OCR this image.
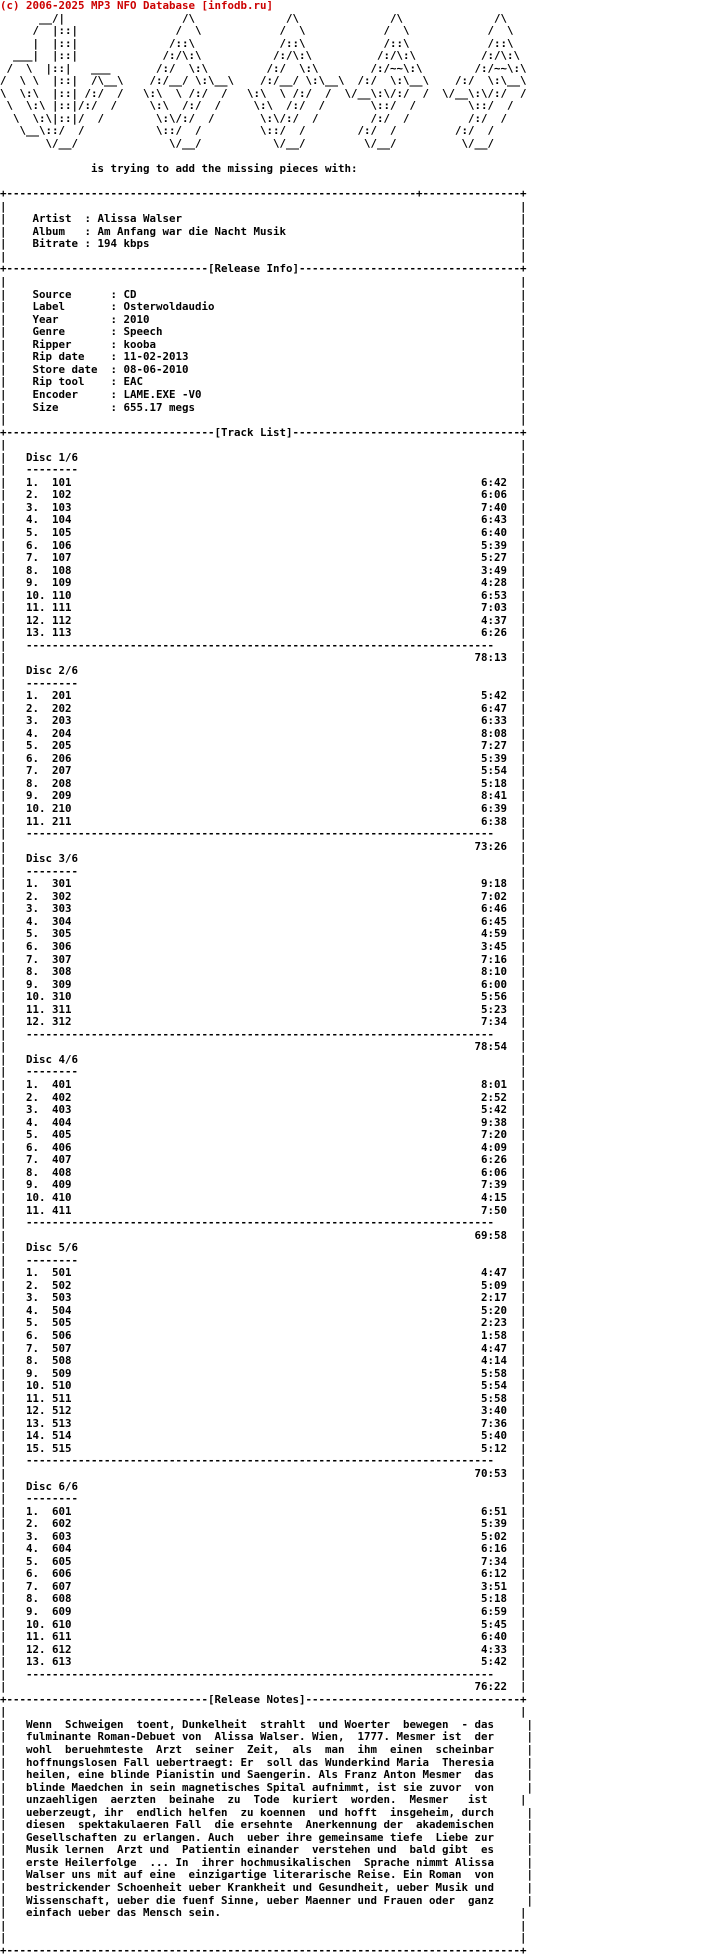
(c) 2006-2025 MP3 NFO Database [infodb.ru]
__/|                  /\              /\              /\              /\
/  |::|               /  \            /  \            /  \            /  \
|  |::|              /::\             /::\            /::\            /::\
___|  |::|             /:/\:\           /:/\:\          /:/\:\          /:/\:\
/  \  |::|   ___       /:/  \:\         /:/  \:\        /:/~~\:\        /:/~~\:\
/  \ \  |::|  /\__\    /:/__/ \:\__\    /:/__/ \:\__\  /:/  \:\__\    /:/  \:\__\
\  \:\  |::| /:/  /   \:\  \ /:/  /   \:\  \ /:/  /  \/__\:\/:/  /  \/__\:\/:/  /
\  \:\ |::|/:/  /     \:\  /:/  /     \:\  /:/  /       \::/  /        \::/  /
\  \:\|::|/  /        \:\/:/  /       \:\/:/  /        /:/  /         /:/  /
\__\::/  /           \::/  /         \::/  /        /:/  /         /:/  /
\/__/              \/__/           \/__/         \/__/          \/__/

is trying to add the missing pieces with:

+---------------------------------------------------------------+---------------+
|                                                                               |
|    Artist  : Alissa Walser                                                    |
|    Album   : Am Anfang war die Nacht Musik                                    |
|    Bitrate : 194 kbps                                                         |
|                                                                               |
+-------------------------------[Release Info]----------------------------------+
|                                                                               |
|    Source      : CD                                                           |
|    Label       : Osterwoldaudio                                               |
|    Year        : 2010                                                         |
|    Genre       : Speech                                                       |
|    Ripper      : kooba                                                        |
|    Rip date    : 11-02-2013                                                   |
|    Store date  : 08-06-2010                                                   |
|    Rip tool    : EAC                                                          |
|    Encoder     : LAME.EXE -V0                                                 |
|    Size        : 655.17 megs                                                  |
|                                                                               |
+--------------------------------[Track List]-----------------------------------+
|                                                                               |
|   Disc 1/6                                                                    |
|   --------                                                                    |
|   1.  101                                                               6:42  |
|   2.  102                                                               6:06  |
|   3.  103                                                               7:40  |
|   4.  104                                                               6:43  |
|   5.  105                                                               6:40  |
|   6.  106                                                               5:39  |
|   7.  107                                                               5:27  |
|   8.  108                                                               3:49  |
|   9.  109                                                               4:28  |
|   10. 110                                                               6:53  |
|   11. 111                                                               7:03  |
|   12. 112                                                               4:37  |
|   13. 113                                                               6:26  |
|   ------------------------------------------------------------------------    |
|                                                                        78:13  |
|   Disc 2/6                                                                    |
|   --------                                                                    |
|   1.  201                                                               5:42  |
|   2.  202                                                               6:47  |
|   3.  203                                                               6:33  |
|   4.  204                                                               8:08  |
|   5.  205                                                               7:27  |
|   6.  206                                                               5:39  |
|   7.  207                                                               5:54  |
|   8.  208                                                               5:18  |
|   9.  209                                                               8:41  |
|   10. 210                                                               6:39  |
|   11. 211                                                               6:38  |
|   ------------------------------------------------------------------------    |
|                                                                        73:26  |
|   Disc 3/6                                                                    |
|   --------                                                                    |
|   1.  301                                                               9:18  |
|   2.  302                                                               7:02  |
|   3.  303                                                               6:46  |
|   4.  304                                                               6:45  |
|   5.  305                                                               4:59  |
|   6.  306                                                               3:45  |
|   7.  307                                                               7:16  |
|   8.  308                                                               8:10  |
|   9.  309                                                               6:00  |
|   10. 310                                                               5:56  |
|   11. 311                                                               5:23  |
|   12. 312                                                               7:34  |
|   ------------------------------------------------------------------------    |
|                                                                        78:54  |
|   Disc 4/6                                                                    |
|   --------                                                                    |
|   1.  401                                                               8:01  |
|   2.  402                                                               2:52  |
|   3.  403                                                               5:42  |
|   4.  404                                                               9:38  |
|   5.  405                                                               7:20  |
|   6.  406                                                               4:09  |
|   7.  407                                                               6:26  |
|   8.  408                                                               6:06  |
|   9.  409                                                               7:39  |
|   10. 410                                                               4:15  |
|   11. 411                                                               7:50  |
|   ------------------------------------------------------------------------    |
|                                                                        69:58  |
|   Disc 5/6                                                                    |
|   --------                                                                    |
|   1.  501                                                               4:47  |
|   2.  502                                                               5:09  |
|   3.  503                                                               2:17  |
|   4.  504                                                               5:20  |
|   5.  505                                                               2:23  |
|   6.  506                                                               1:58  |
|   7.  507                                                               4:47  |
|   8.  508                                                               4:14  |
|   9.  509                                                               5:58  |
|   10. 510                                                               5:54  |
|   11. 511                                                               5:58  |
|   12. 512                                                               3:40  |
|   13. 513                                                               7:36  |
|   14. 514                                                               5:40  |
|   15. 515                                                               5:12  |
|   ------------------------------------------------------------------------    |
|                                                                        70:53  |
|   Disc 6/6                                                                    |
|   --------                                                                    |
|   1.  601                                                               6:51  |
|   2.  602                                                               5:39  |
|   3.  603                                                               5:02  |
|   4.  604                                                               6:16  |
|   5.  605                                                               7:34  |
|   6.  606                                                               6:12  |
|   7.  607                                                               3:51  |
|   8.  608                                                               5:18  |
|   9.  609                                                               6:59  |
|   10. 610                                                               5:45  |
|   11. 611                                                               6:40  |
|   12. 612                                                               4:33  |
|   13. 613                                                               5:42  |
|   ------------------------------------------------------------------------    |
|                                                                        76:22  |
+-------------------------------[Release Notes]---------------------------------+
|                                                                               |
|   Wenn  Schweigen  toent, Dunkelheit  strahlt  und Woerter  bewegen  - das     |
|   fulminante Roman-Debuet von  Alissa Walser. Wien,  1777. Mesmer ist  der     |
|   wohl  beruehmteste  Arzt  seiner  Zeit,  als  man  ihm  einen  scheinbar     |
|   hoffnungslosen Fall uebertraegt: Er  soll das Wunderkind Maria  Theresia     |
|   heilen, eine blinde Pianistin und Saengerin. Als Franz Anton Mesmer  das     |
|   blinde Maedchen in sein magnetisches Spital aufnimmt, ist sie zuvor  von     |
|   unzaehligen  aerzten  beinahe  zu  Tode  kuriert  worden.  Mesmer   ist     |
|   ueberzeugt, ihr  endlich helfen  zu koennen  und hofft  insgeheim, durch     |
|   diesen  spektakulaeren Fall  die ersehnte  Anerkennung der  akademischen     |
|   Gesellschaften zu erlangen. Auch  ueber ihre gemeinsame tiefe  Liebe zur     |
|   Musik lernen  Arzt und  Patientin einander  verstehen und  bald gibt  es     |
|   erste Heilerfolge  ... In  ihrer hochmusikalischen  Sprache nimmt Alissa     |
|   Walser uns mit auf eine  einzigartige literarische Reise. Ein Roman  von     |
|   bestrickender Schoenheit ueber Krankheit und Gesundheit, ueber Musik und     |
|   Wissenschaft, ueber die fuenf Sinne, ueber Maenner und Frauen oder  ganz     |
|   einfach ueber das Mensch sein.                                              |
|                                                                               |
|                                                                               |
+-------------------------------------------------------------------------------+
